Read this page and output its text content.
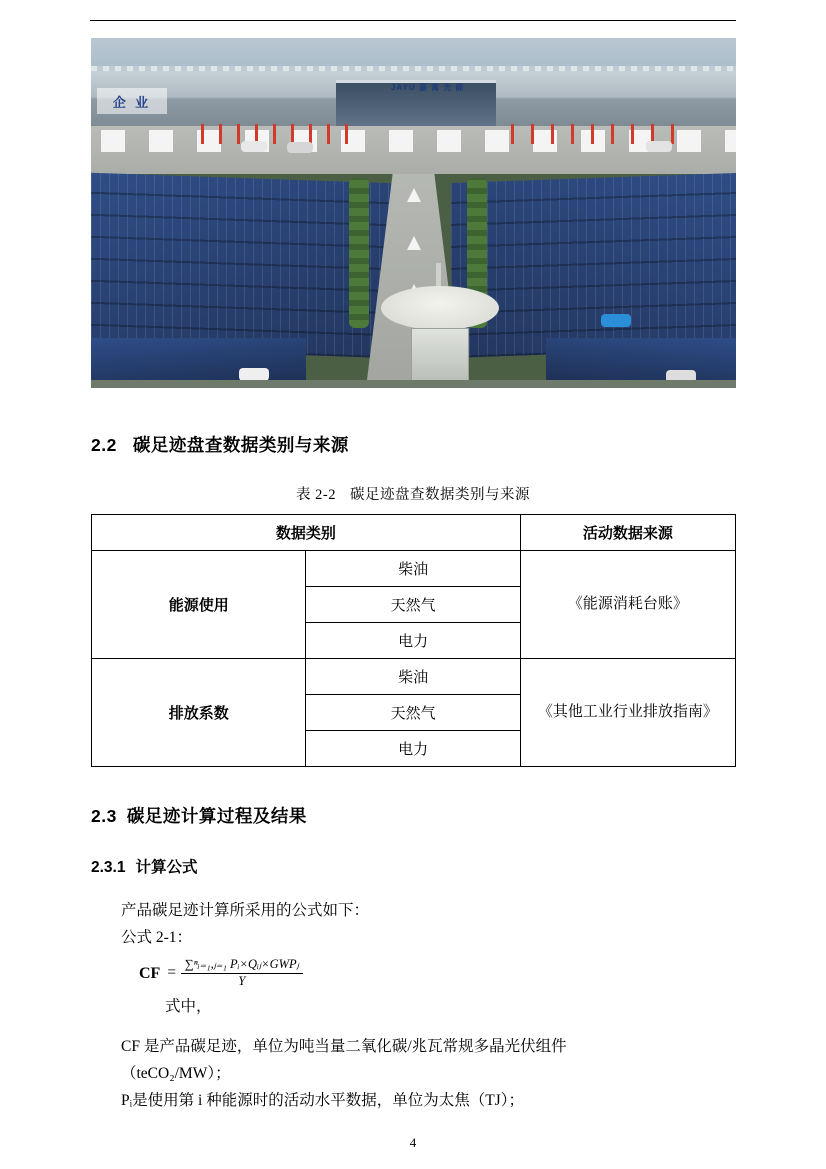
JAYU 嘉 寓 光 能
企 业
2.2 碳足迹盘查数据类别与来源
表 2-2 碳足迹盘查数据类别与来源
数据类别		活动数据来源
能源使用	柴油	《能源消耗台账》
	天然气	
	电力	
排放系数	柴油	《其他工业行业排放指南》
	天然气	
	电力	
2.3 碳足迹计算过程及结果
2.3.1 计算公式

产品碳足迹计算所采用的公式如下：

公式 2-1：

CF = $\frac{\text{∑ⁿᵢ₌₁,ⱼ₌₁ Pᵢ×Qᵢⱼ×GWPⱼ}}{Y}$

式中，

CF 是产品碳足迹，单位为吨当量二氧化碳/兆瓦常规多晶光伏组件

（teCO₂/MW）；

Pᵢ是使用第 i 种能源时的活动水平数据，单位为太焦（TJ）；

4
